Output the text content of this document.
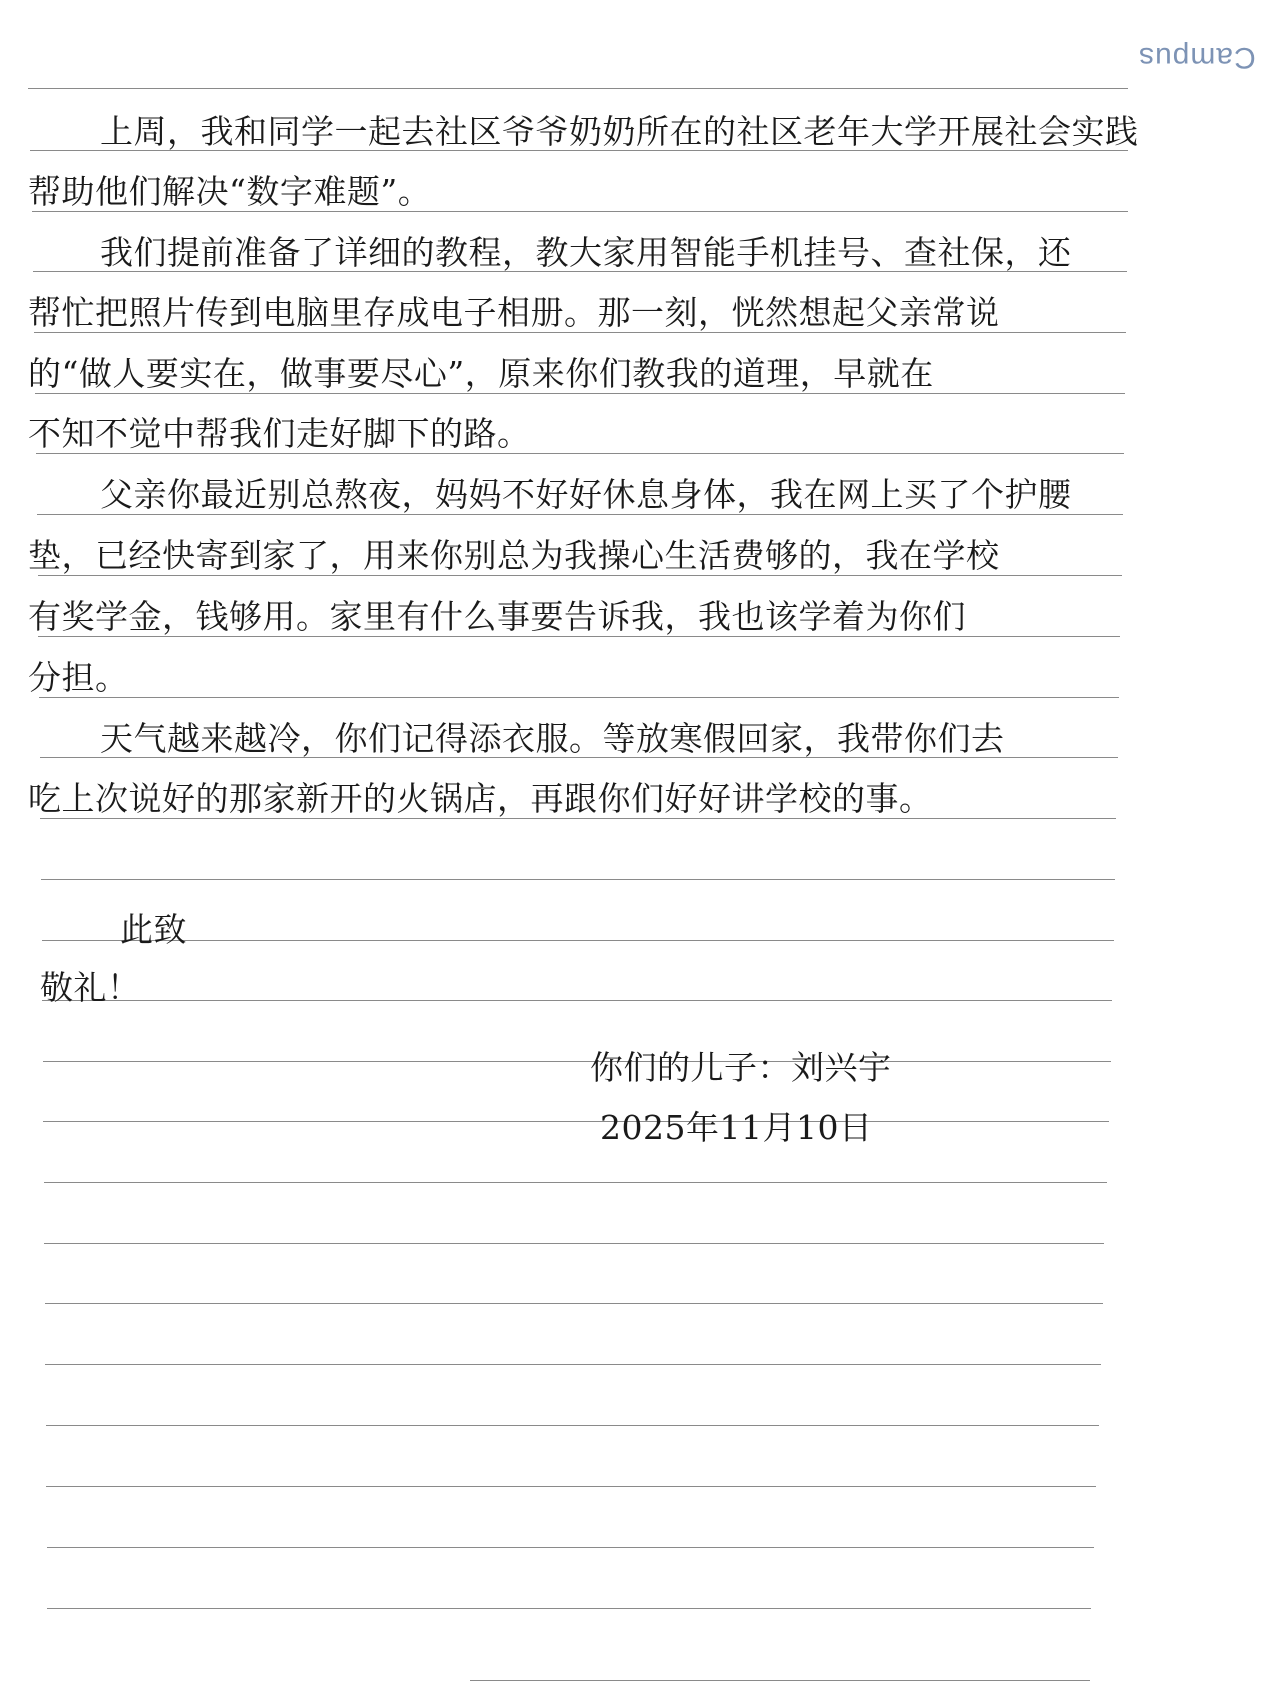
Campus
上周，我和同学一起去社区爷爷奶奶所在的社区老年大学开展社会实践
帮助他们解决“数字难题”。
我们提前准备了详细的教程，教大家用智能手机挂号、查社保，还
帮忙把照片传到电脑里存成电子相册。那一刻，恍然想起父亲常说
的“做人要实在，做事要尽心”，原来你们教我的道理，早就在
不知不觉中帮我们走好脚下的路。
父亲你最近别总熬夜，妈妈不好好休息身体，我在网上买了个护腰
垫，已经快寄到家了，用来你别总为我操心生活费够的，我在学校
有奖学金，钱够用。家里有什么事要告诉我，我也该学着为你们
分担。
天气越来越冷，你们记得添衣服。等放寒假回家，我带你们去
吃上次说好的那家新开的火锅店，再跟你们好好讲学校的事。
此致
敬礼！
你们的儿子：刘兴宇
2025年11月10日
